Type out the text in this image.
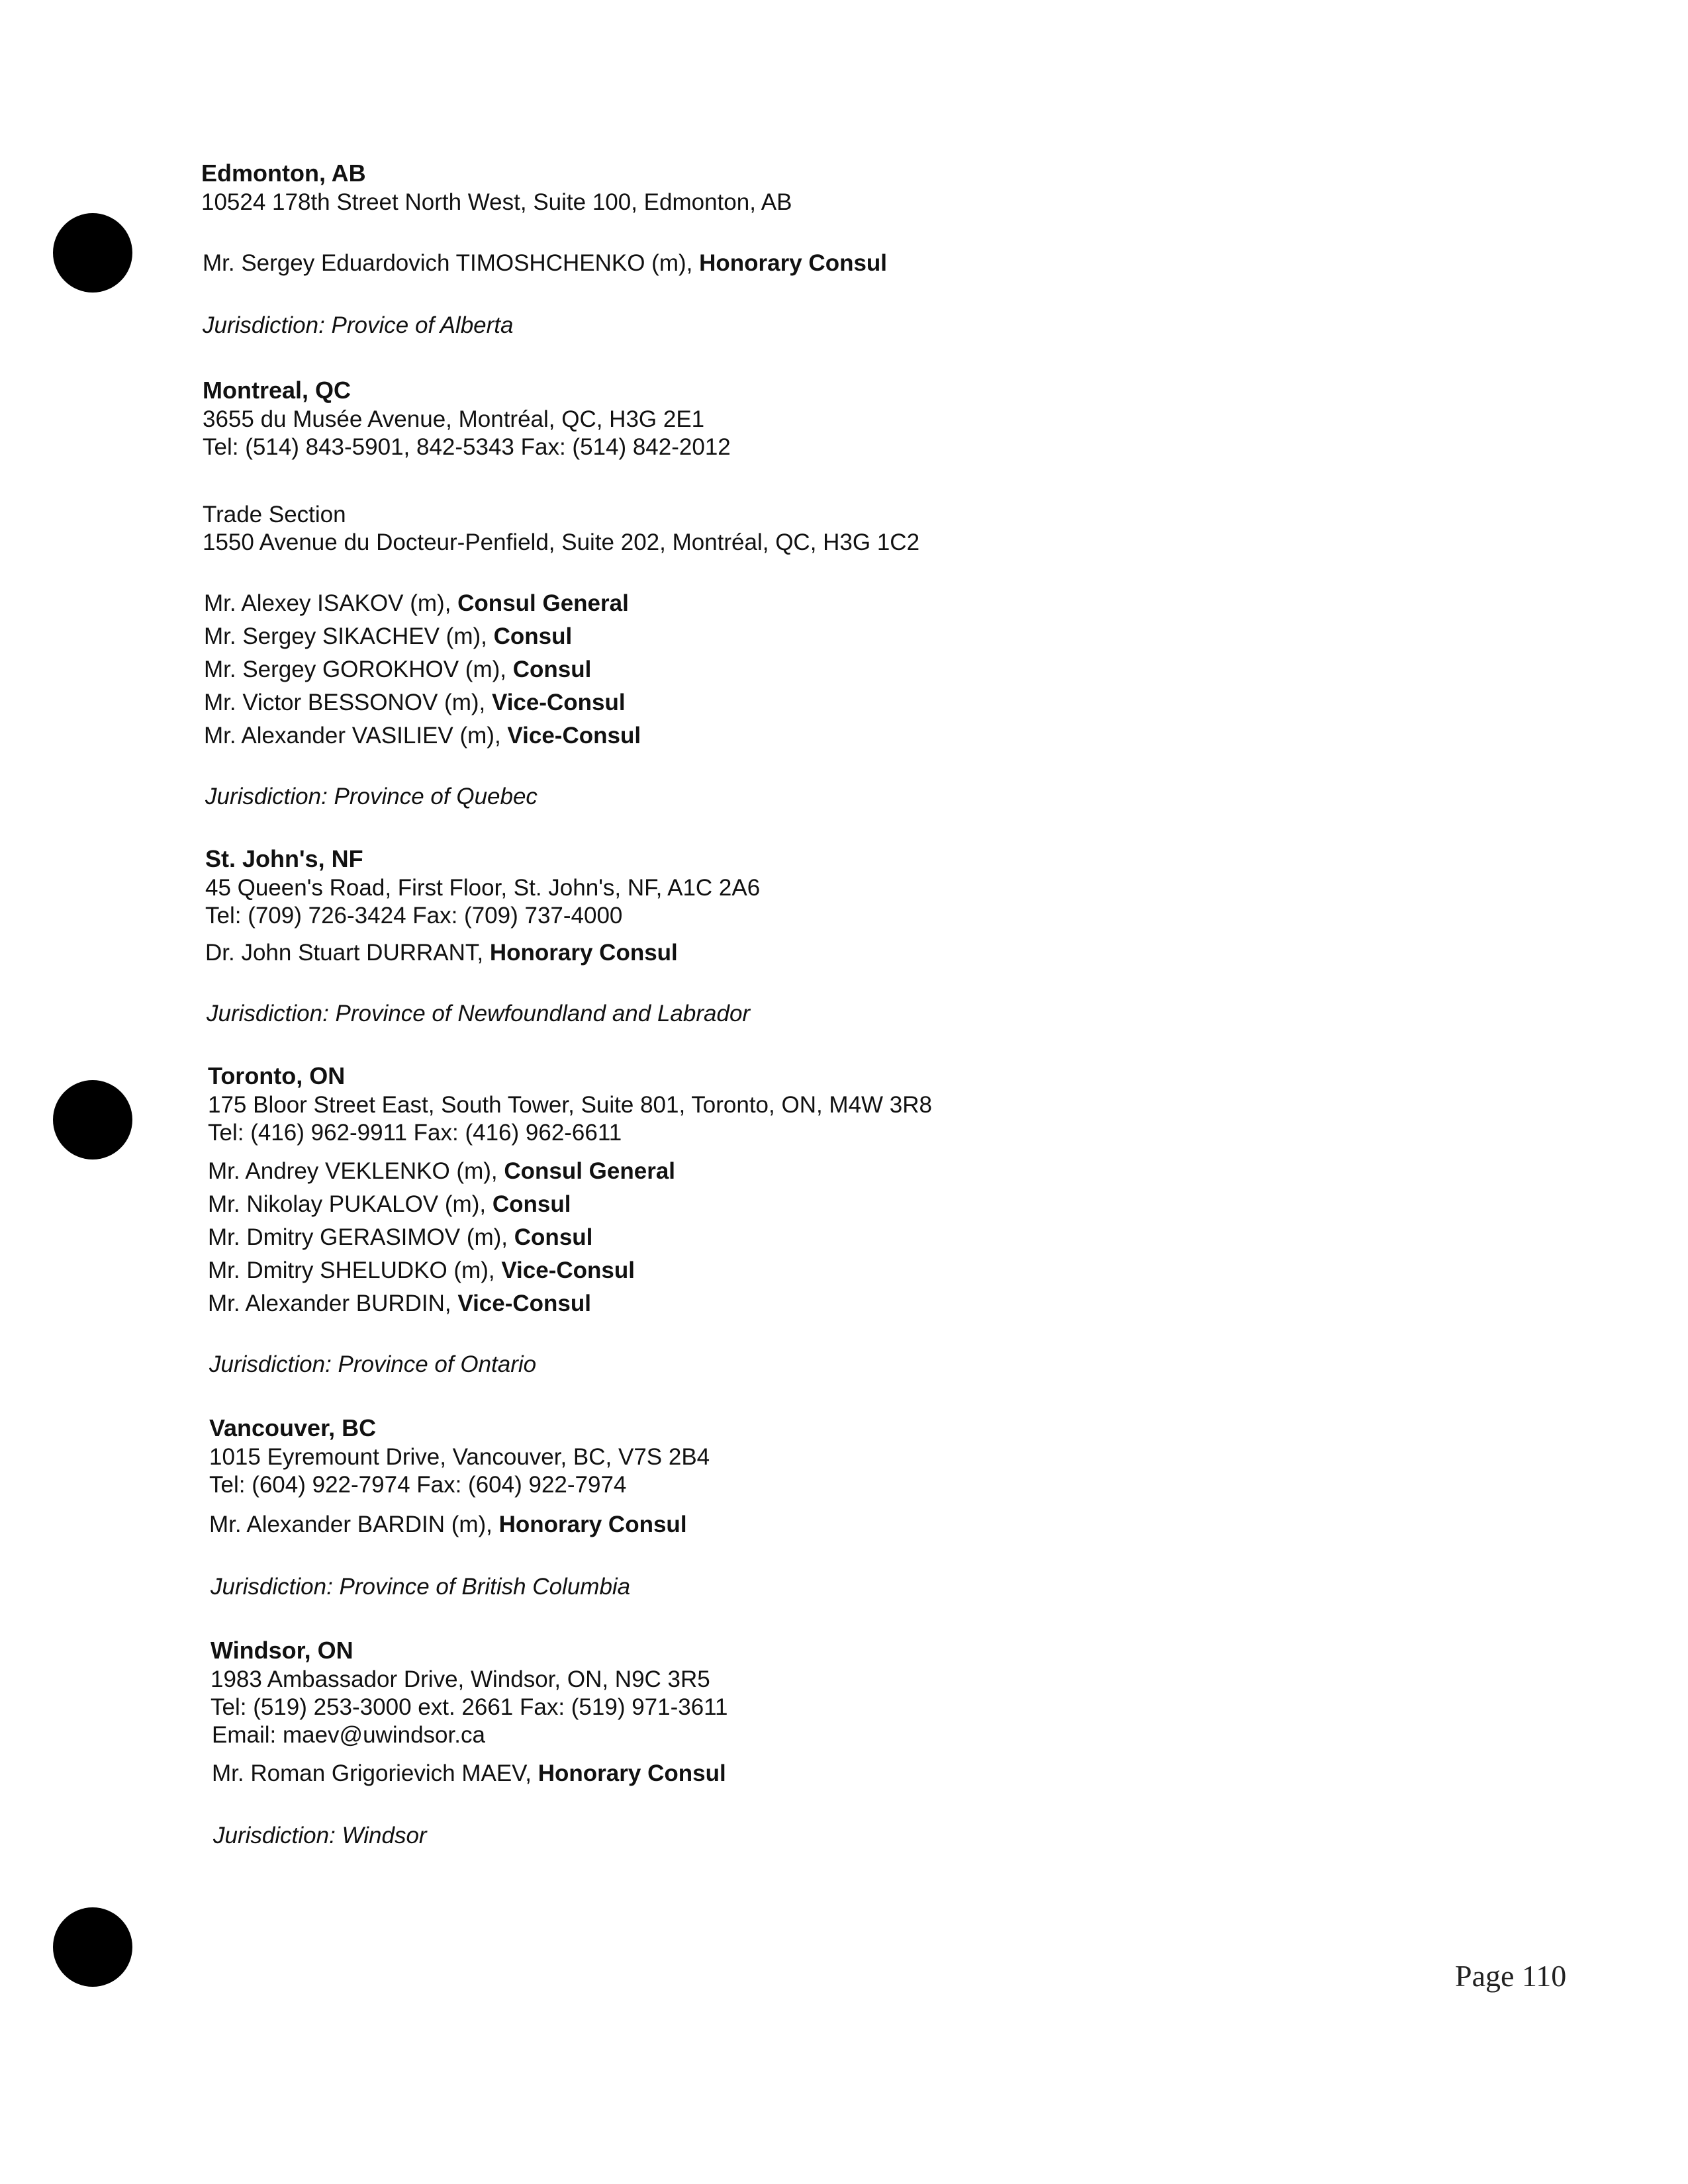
Edmonton, AB
10524 178th Street North West, Suite 100, Edmonton, AB
Mr. Sergey Eduardovich TIMOSHCHENKO (m), Honorary Consul
Jurisdiction: Provice of Alberta
Montreal, QC
3655 du Musée Avenue, Montréal, QC, H3G 2E1
Tel: (514) 843-5901, 842-5343 Fax: (514) 842-2012
Trade Section
1550 Avenue du Docteur-Penfield, Suite 202, Montréal, QC, H3G 1C2
Mr. Alexey ISAKOV (m), Consul General
Mr. Sergey SIKACHEV (m), Consul
Mr. Sergey GOROKHOV (m), Consul
Mr. Victor BESSONOV (m), Vice-Consul
Mr. Alexander VASILIEV (m), Vice-Consul
Jurisdiction: Province of Quebec
St. John's, NF
45 Queen's Road, First Floor, St. John's, NF, A1C 2A6
Tel: (709) 726-3424 Fax: (709) 737-4000
Dr. John Stuart DURRANT, Honorary Consul
Jurisdiction: Province of Newfoundland and Labrador
Toronto, ON
175 Bloor Street East, South Tower, Suite 801, Toronto, ON, M4W 3R8
Tel: (416) 962-9911 Fax: (416) 962-6611
Mr. Andrey VEKLENKO (m), Consul General
Mr. Nikolay PUKALOV (m), Consul
Mr. Dmitry GERASIMOV (m), Consul
Mr. Dmitry SHELUDKO (m), Vice-Consul
Mr. Alexander BURDIN, Vice-Consul
Jurisdiction: Province of Ontario
Vancouver, BC
1015 Eyremount Drive, Vancouver, BC, V7S 2B4
Tel: (604) 922-7974 Fax: (604) 922-7974
Mr. Alexander BARDIN (m), Honorary Consul
Jurisdiction: Province of British Columbia
Windsor, ON
1983 Ambassador Drive, Windsor, ON, N9C 3R5
Tel: (519) 253-3000 ext. 2661 Fax: (519) 971-3611
Email: maev@uwindsor.ca
Mr. Roman Grigorievich MAEV, Honorary Consul
Jurisdiction: Windsor
Page 110
